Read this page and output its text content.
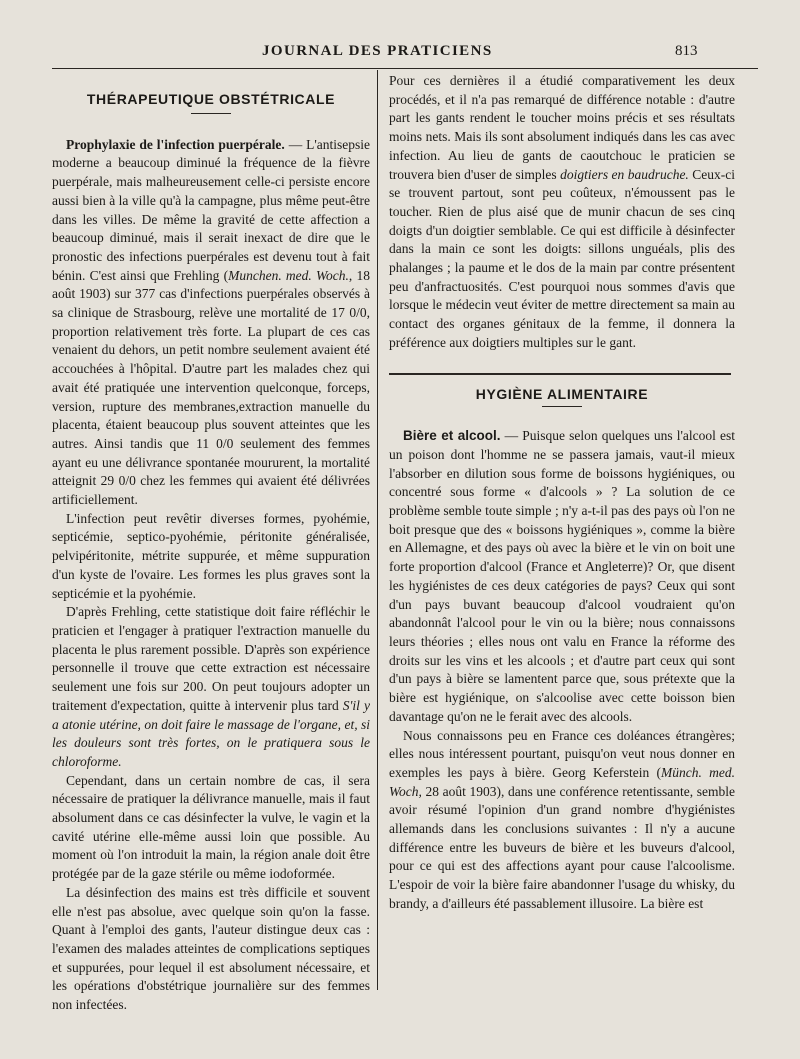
JOURNAL DES PRATICIENS	813
THÉRAPEUTIQUE OBSTÉTRICALE

Prophylaxie de l'infection puerpérale. — L'antisepsie moderne a beaucoup diminué la fréquence de la fièvre puerpérale, mais malheureusement celle-ci persiste encore aussi bien à la ville qu'à la campagne, plus même peut-être dans les villes. De même la gravité de cette affection a beaucoup diminué, mais il serait inexact de dire que le pronostic des infections puerpérales est devenu tout à fait bénin. C'est ainsi que Frehling (Munchen. med. Woch., 18 août 1903) sur 377 cas d'infections puerpérales observés à sa clinique de Strasbourg, relève une mortalité de 17 0/0, proportion relativement très forte. La plupart de ces cas venaient du dehors, un petit nombre seulement avaient été accouchées à l'hôpital. D'autre part les malades chez qui avait été pratiquée une intervention quelconque, forceps, version, rupture des membranes,extraction manuelle du placenta, étaient beaucoup plus souvent atteintes que les autres. Ainsi tandis que 11 0/0 seulement des femmes ayant eu une délivrance spontanée moururent, la mortalité atteignit 29 0/0 chez les femmes qui avaient été délivrées artificiellement.

L'infection peut revêtir diverses formes, pyohémie, septicémie, septico-pyohémie, péritonite généralisée, pelvipéritonite, métrite suppurée, et même suppuration d'un kyste de l'ovaire. Les formes les plus graves sont la septicémie et la pyohémie.

D'après Frehling, cette statistique doit faire réfléchir le praticien et l'engager à pratiquer l'extraction manuelle du placenta le plus rarement possible. D'après son expérience personnelle il trouve que cette extraction est nécessaire seulement une fois sur 200. On peut toujours adopter un traitement d'expectation, quitte à intervenir plus tard S'il y a atonie utérine, on doit faire le massage de l'organe, et, si les douleurs sont très fortes, on le pratiquera sous le chloroforme.

Cependant, dans un certain nombre de cas, il sera nécessaire de pratiquer la délivrance manuelle, mais il faut absolument dans ce cas désinfecter la vulve, le vagin et la cavité utérine elle-même aussi loin que possible. Au moment où l'on introduit la main, la région anale doit être protégée par de la gaze stérile ou même iodoformée.

La désinfection des mains est très difficile et souvent elle n'est pas absolue, avec quelque soin qu'on la fasse. Quant à l'emploi des gants, l'auteur distingue deux cas : l'examen des malades atteintes de complications septiques et suppurées, pour lequel il est absolument nécessaire, et les opérations d'obstétrique journalière sur des femmes non infectées.

Pour ces dernières il a étudié comparativement les deux procédés, et il n'a pas remarqué de différence notable : d'autre part les gants rendent le toucher moins précis et ses résultats moins nets. Mais ils sont absolument indiqués dans les cas avec infection. Au lieu de gants de caoutchouc le praticien se trouvera bien d'user de simples doigtiers en baudruche. Ceux-ci se trouvent partout, sont peu coûteux, n'émoussent pas le toucher. Rien de plus aisé que de munir chacun de ses cinq doigts d'un doigtier semblable. Ce qui est difficile à désinfecter dans la main ce sont les doigts: sillons unguéals, plis des phalanges ; la paume et le dos de la main par contre présentent peu d'anfractuosités. C'est pourquoi nous sommes d'avis que lorsque le médecin veut éviter de mettre directement sa main au contact des organes génitaux de la femme, il donnera la préférence aux doigtiers multiples sur le gant.

HYGIÈNE ALIMENTAIRE

Bière et alcool. — Puisque selon quelques uns l'alcool est un poison dont l'homme ne se passera jamais, vaut-il mieux l'absorber en dilution sous forme de boissons hygiéniques, ou concentré sous forme « d'alcools » ? La solution de ce problème semble toute simple ; n'y a-t-il pas des pays où l'on ne boit presque que des « boissons hygiéniques », comme la bière en Allemagne, et des pays où avec la bière et le vin on boit une forte proportion d'alcool (France et Angleterre)? Or, que disent les hygiénistes de ces deux catégories de pays? Ceux qui sont d'un pays buvant beaucoup d'alcool voudraient qu'on abandonnât l'alcool pour le vin ou la bière; nous connaissons leurs théories ; elles nous ont valu en France la réforme des droits sur les vins et les alcools ; et d'autre part ceux qui sont d'un pays à bière se lamentent parce que, sous prétexte que la bière est hygiénique, on s'alcoolise avec cette boisson bien davantage qu'on ne le ferait avec des alcools.

Nous connaissons peu en France ces doléances étrangères; elles nous intéressent pourtant, puisqu'on veut nous donner en exemples les pays à bière. Georg Keferstein (Münch. med. Woch, 28 août 1903), dans une conférence retentissante, semble avoir résumé l'opinion d'un grand nombre d'hygiénistes allemands dans les conclusions suivantes : Il n'y a aucune différence entre les buveurs de bière et les buveurs d'alcool, pour ce qui est des affections ayant pour cause l'alcoolisme. L'espoir de voir la bière faire abandonner l'usage du whisky, du brandy, a d'ailleurs été passablement illusoire. La bière est
